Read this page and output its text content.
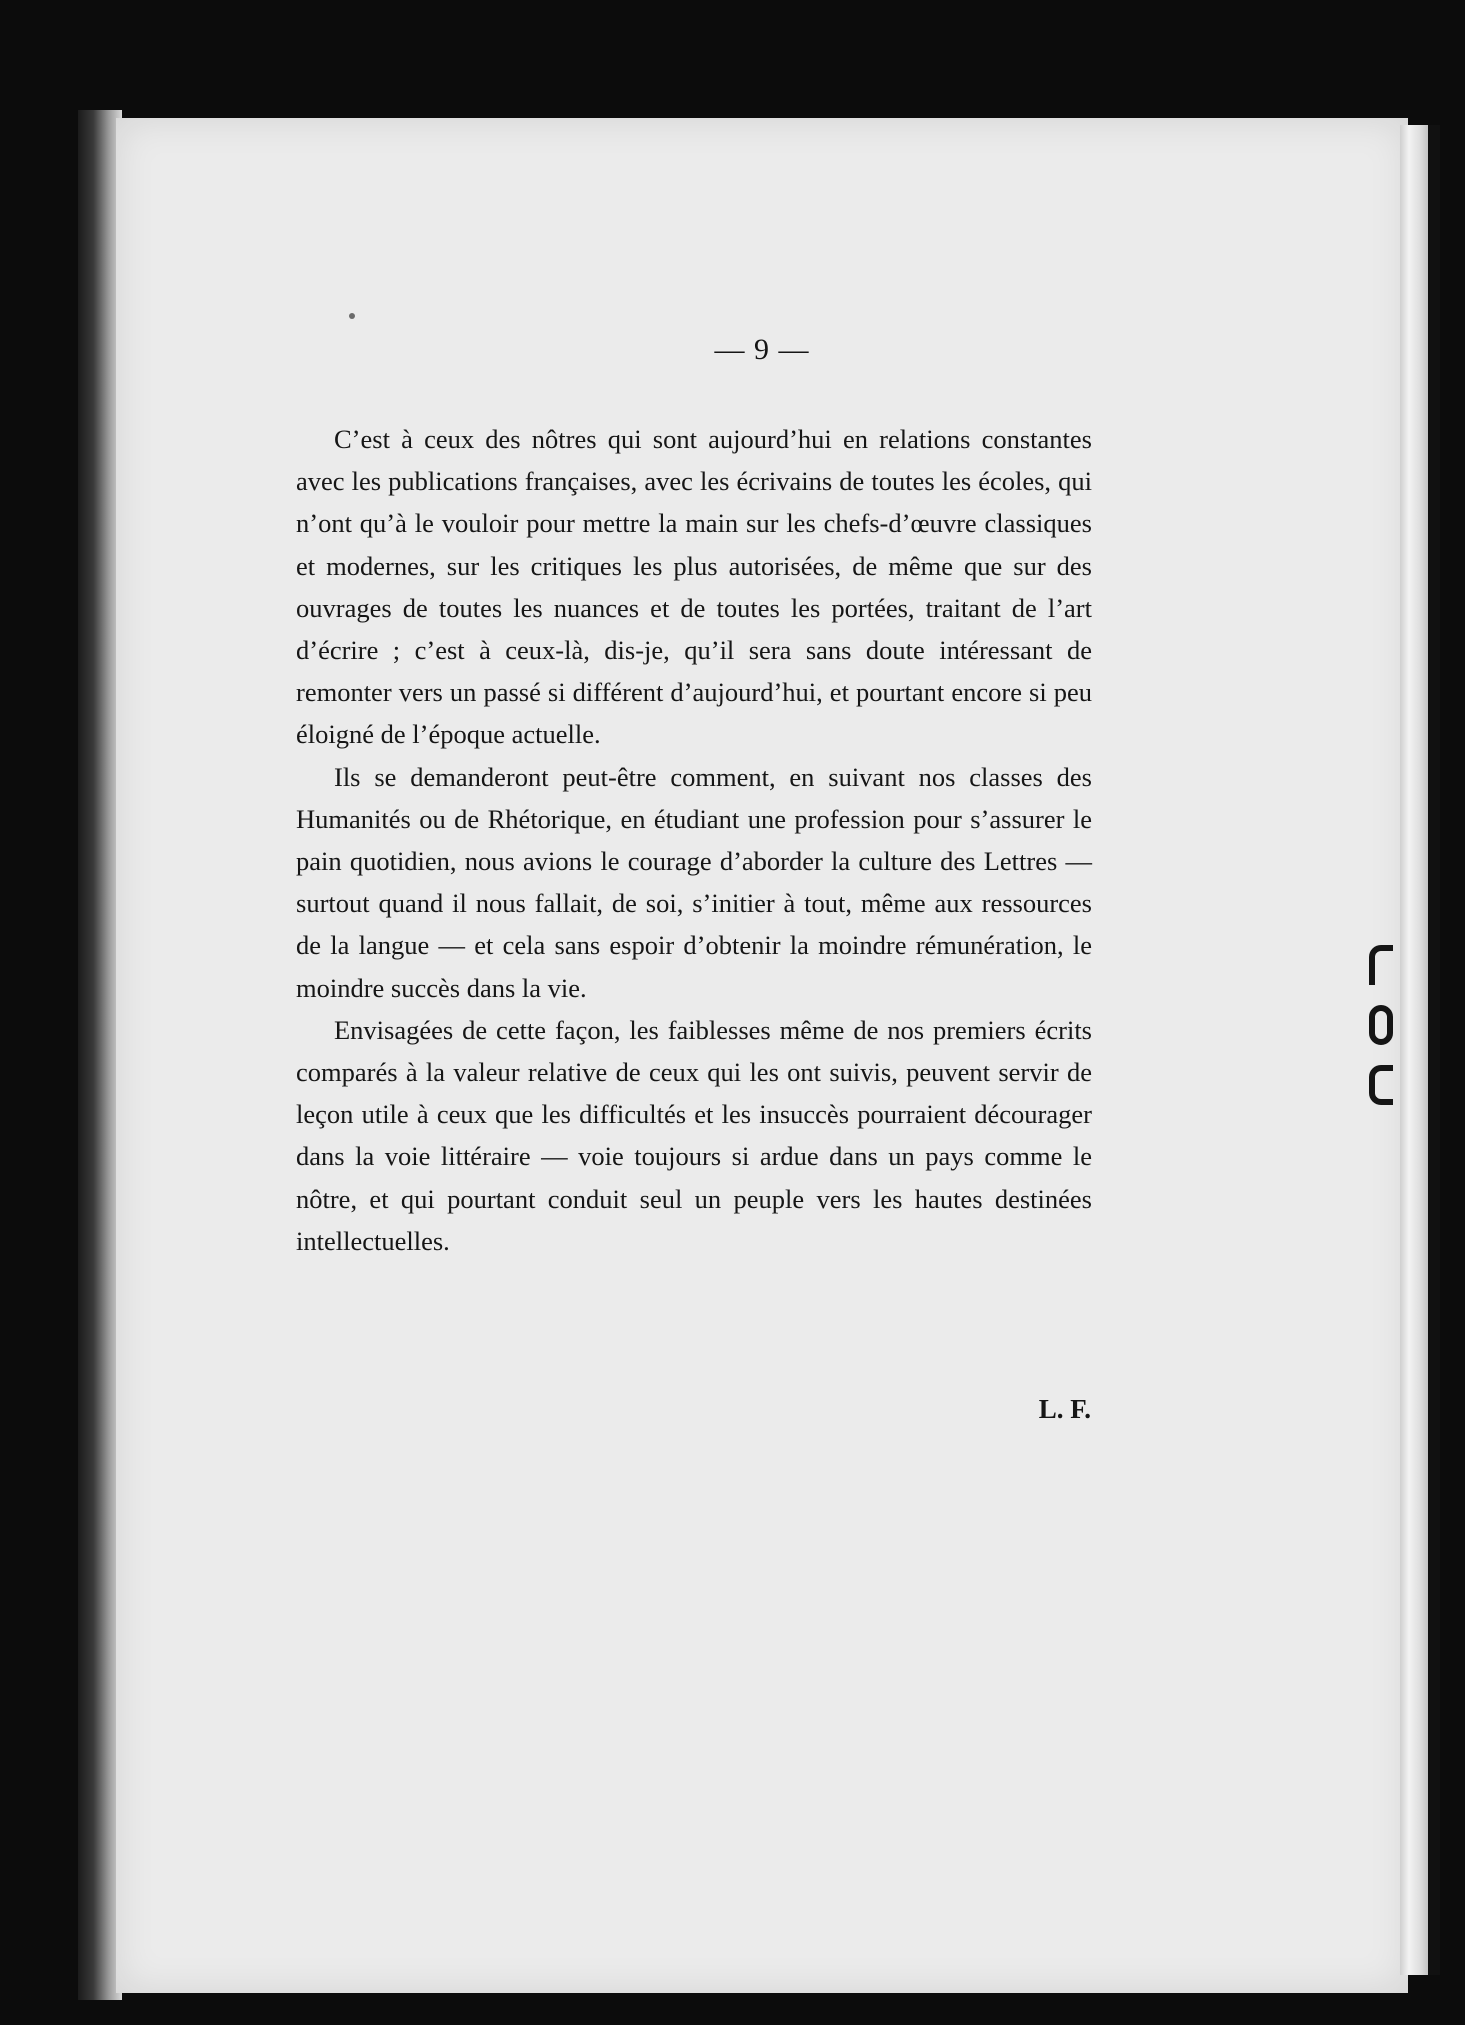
— 9 —

C’est à ceux des nôtres qui sont aujourd’hui en relations constantes avec les publications françaises, avec les écrivains de toutes les écoles, qui n’ont qu’à le vouloir pour mettre la main sur les chefs-d’œuvre classiques et modernes, sur les critiques les plus autorisées, de même que sur des ouvrages de toutes les nuances et de toutes les portées, traitant de l’art d’écrire ; c’est à ceux-là, dis-je, qu’il sera sans doute intéressant de remonter vers un passé si différent d’aujourd’hui, et pourtant encore si peu éloigné de l’époque actuelle.

Ils se demanderont peut-être comment, en suivant nos classes des Humanités ou de Rhétorique, en étudiant une profession pour s’assurer le pain quotidien, nous avions le courage d’aborder la culture des Lettres — surtout quand il nous fallait, de soi, s’initier à tout, même aux ressources de la langue — et cela sans espoir d’obtenir la moindre rémunération, le moindre succès dans la vie.

Envisagées de cette façon, les faiblesses même de nos premiers écrits comparés à la valeur relative de ceux qui les ont suivis, peuvent servir de leçon utile à ceux que les difficultés et les insuccès pourraient décourager dans la voie littéraire — voie toujours si ardue dans un pays comme le nôtre, et qui pourtant conduit seul un peuple vers les hautes destinées intellectuelles.

L. F.
